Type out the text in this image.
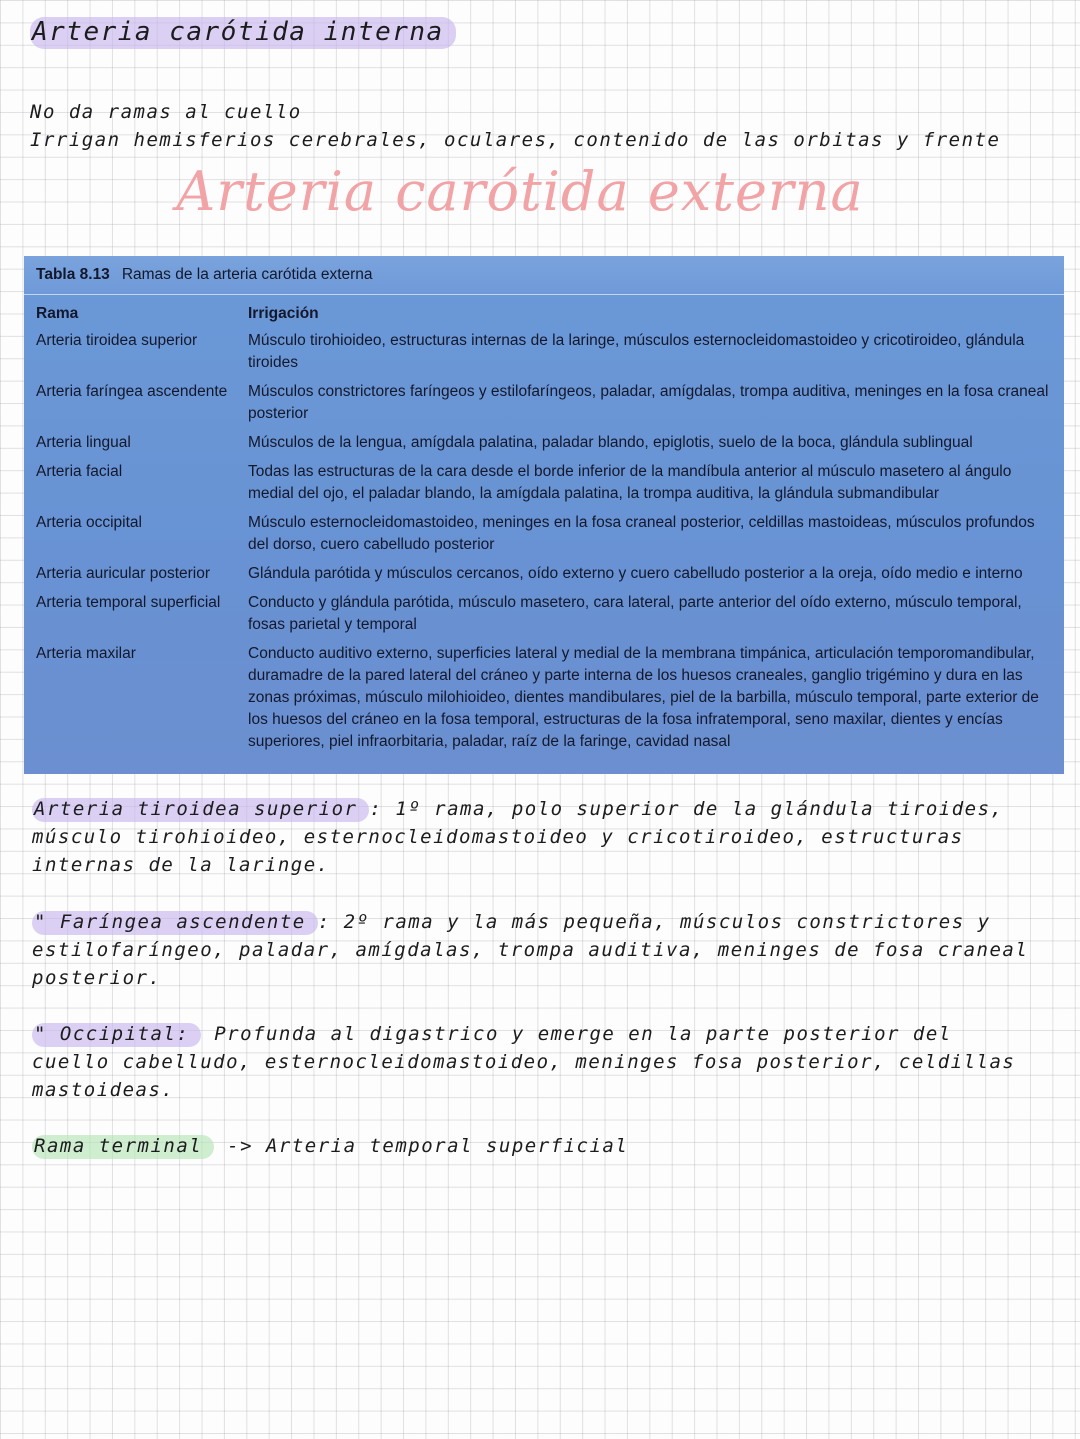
Arteria carótida interna

No da ramas al cuello

Irrigan hemisferios cerebrales, oculares, contenido de las orbitas y frente

Arteria carótida externa
Tabla 8.13 Ramas de la arteria carótida externa
Rama	Irrigación
Arteria tiroidea superior	Músculo tirohioideo, estructuras internas de la laringe, músculos esternocleidomastoideo y cricotiroideo, glándula tiroides
Arteria faríngea ascendente	Músculos constrictores faríngeos y estilofaríngeos, paladar, amígdalas, trompa auditiva, meninges en la fosa craneal posterior
Arteria lingual	Músculos de la lengua, amígdala palatina, paladar blando, epiglotis, suelo de la boca, glándula sublingual
Arteria facial	Todas las estructuras de la cara desde el borde inferior de la mandíbula anterior al músculo masetero al ángulo medial del ojo, el paladar blando, la amígdala palatina, la trompa auditiva, la glándula submandibular
Arteria occipital	Músculo esternocleidomastoideo, meninges en la fosa craneal posterior, celdillas mastoideas, músculos profundos del dorso, cuero cabelludo posterior
Arteria auricular posterior	Glándula parótida y músculos cercanos, oído externo y cuero cabelludo posterior a la oreja, oído medio e interno
Arteria temporal superficial	Conducto y glándula parótida, músculo masetero, cara lateral, parte anterior del oído externo, músculo temporal, fosas parietal y temporal
Arteria maxilar	Conducto auditivo externo, superficies lateral y medial de la membrana timpánica, articulación temporomandibular, duramadre de la pared lateral del cráneo y parte interna de los huesos craneales, ganglio trigémino y dura en las zonas próximas, músculo milohioideo, dientes mandibulares, piel de la barbilla, músculo temporal, parte exterior de los huesos del cráneo en la fosa temporal, estructuras de la fosa infratemporal, seno maxilar, dientes y encías superiores, piel infraorbitaria, paladar, raíz de la faringe, cavidad nasal

Arteria tiroidea superior : 1º rama, polo superior de la glándula tiroides, músculo tirohioideo, esternocleidomastoideo y cricotiroideo, estructuras internas de la laringe.

" Faríngea ascendente : 2º rama y la más pequeña, músculos constrictores y estilofaríngeo, paladar, amígdalas, trompa auditiva, meninges de fosa craneal posterior.

" Occipital: Profunda al digastrico y emerge en la parte posterior del cuello cabelludo, esternocleidomastoideo, meninges fosa posterior, celdillas mastoideas.

Rama terminal -> Arteria temporal superficial
